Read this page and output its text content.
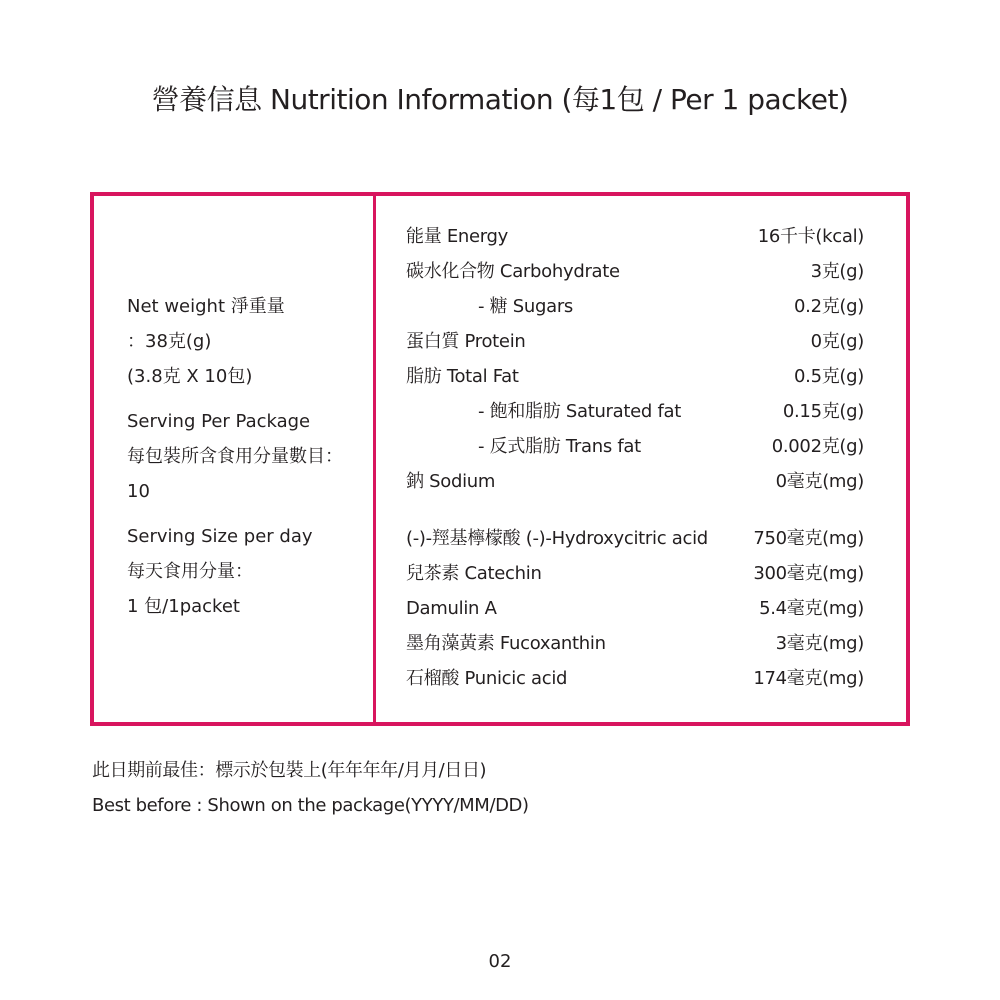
營養信息 Nutrition Information (每1包 / Per 1 packet)
Net weight 淨重量
：38克(g)
(3.8克 X 10包)
Serving Per Package
每包裝所含食用分量數目：
10
Serving Size per day
每天食用分量：
1 包/1packet
能量 Energy	16千卡(kcal)
碳水化合物 Carbohydrate	3克(g)
- 糖 Sugars	0.2克(g)
蛋白質 Protein	0克(g)
脂肪 Total Fat	0.5克(g)
- 飽和脂肪 Saturated fat	0.15克(g)
- 反式脂肪 Trans fat	0.002克(g)
鈉 Sodium	0毫克(mg)
(-)-羥基檸檬酸 (-)-Hydroxycitric acid	750毫克(mg)
兒茶素 Catechin	300毫克(mg)
Damulin A	5.4毫克(mg)
墨角藻黃素 Fucoxanthin	3毫克(mg)
石榴酸 Punicic acid	174毫克(mg)
此日期前最佳：標示於包裝上(年年年年/月月/日日)
Best before : Shown on the package(YYYY/MM/DD)
02
